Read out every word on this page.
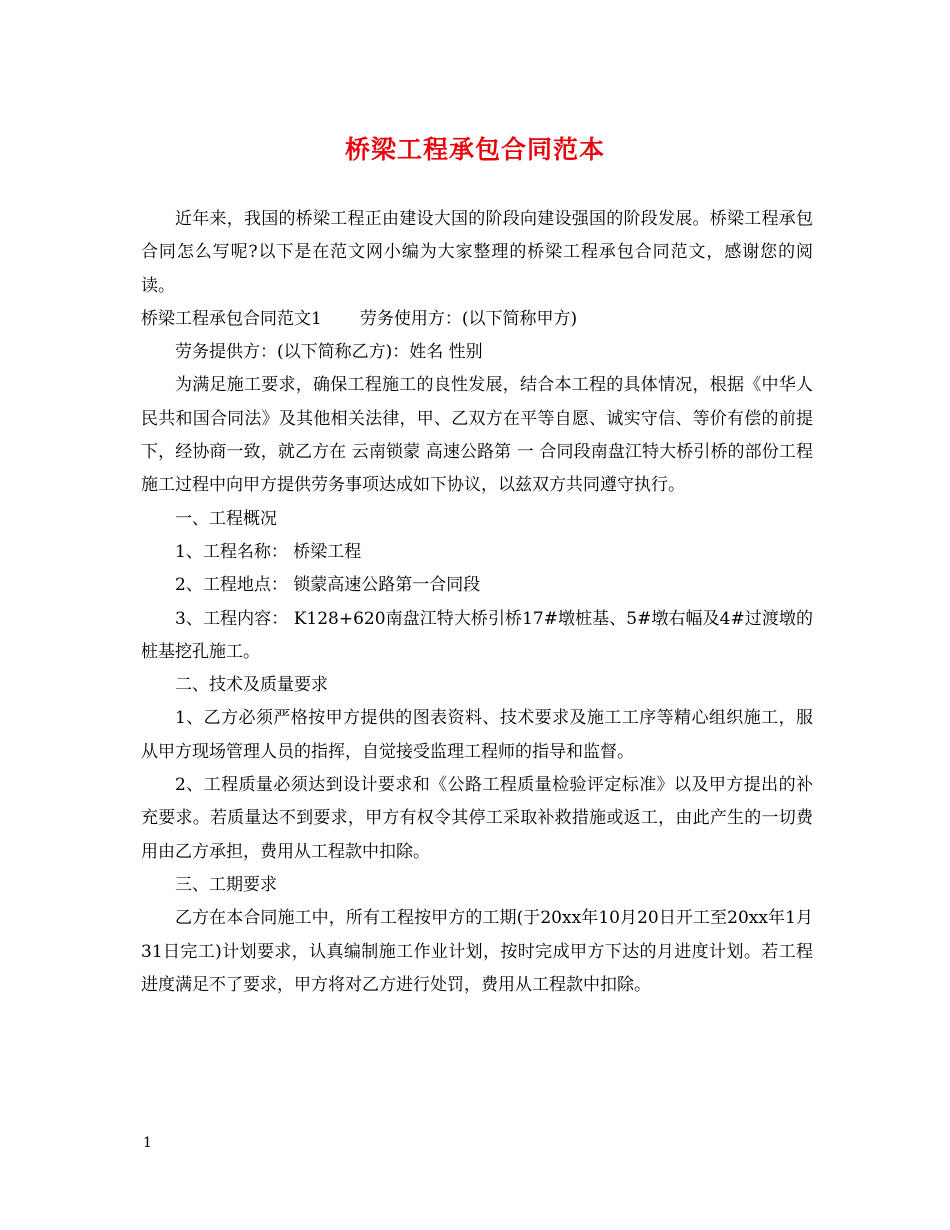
桥梁工程承包合同范本

近年来，我国的桥梁工程正由建设大国的阶段向建设强国的阶段发展。桥梁工程承包合同怎么写呢?以下是在范文网小编为大家整理的桥梁工程承包合同范文，感谢您的阅读。

桥梁工程承包合同范文1 劳务使用方：(以下简称甲方)

劳务提供方：(以下简称乙方)：姓名 性别

为满足施工要求，确保工程施工的良性发展，结合本工程的具体情况，根据《中华人民共和国合同法》及其他相关法律，甲、乙双方在平等自愿、诚实守信、等价有偿的前提下，经协商一致，就乙方在 云南锁蒙 高速公路第 一 合同段南盘江特大桥引桥的部份工程施工过程中向甲方提供劳务事项达成如下协议，以兹双方共同遵守执行。

一、工程概况

1、工程名称： 桥梁工程

2、工程地点： 锁蒙高速公路第一合同段

3、工程内容： K128+620南盘江特大桥引桥17#墩桩基、5#墩右幅及4#过渡墩的桩基挖孔施工。

二、技术及质量要求

1、乙方必须严格按甲方提供的图表资料、技术要求及施工工序等精心组织施工，服从甲方现场管理人员的指挥，自觉接受监理工程师的指导和监督。

2、工程质量必须达到设计要求和《公路工程质量检验评定标准》以及甲方提出的补充要求。若质量达不到要求，甲方有权令其停工采取补救措施或返工，由此产生的一切费用由乙方承担，费用从工程款中扣除。

三、工期要求

乙方在本合同施工中，所有工程按甲方的工期(于20xx年10月20日开工至20xx年1月31日完工)计划要求，认真编制施工作业计划，按时完成甲方下达的月进度计划。若工程进度满足不了要求，甲方将对乙方进行处罚，费用从工程款中扣除。

1
